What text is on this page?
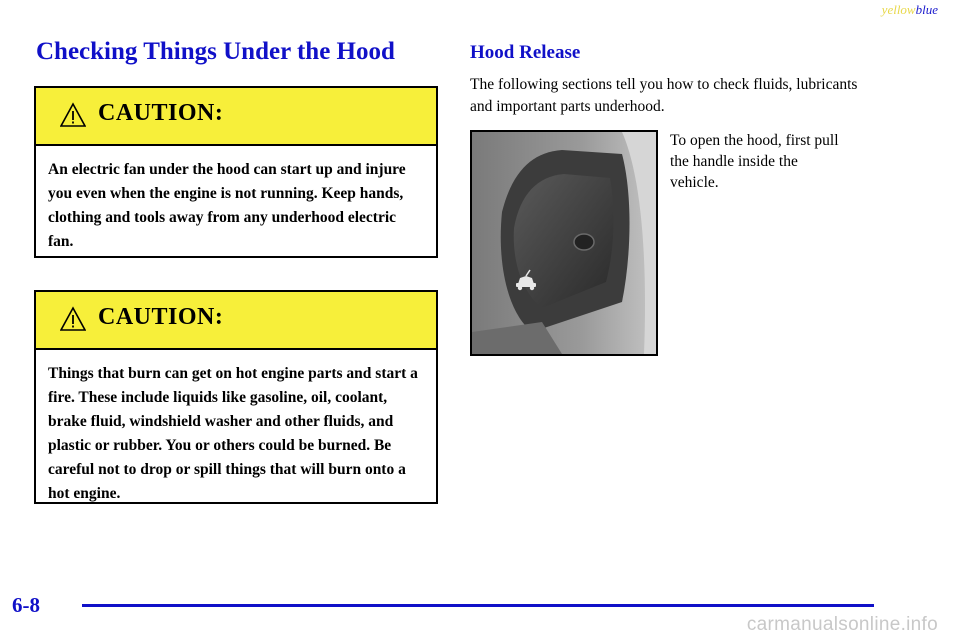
yellowblue
Checking Things Under the Hood
CAUTION:

An electric fan under the hood can start up and injure you even when the engine is not running. Keep hands, clothing and tools away from any underhood electric fan.

CAUTION:

Things that burn can get on hot engine parts and start a fire. These include liquids like gasoline, oil, coolant, brake fluid, windshield washer and other fluids, and plastic or rubber. You or others could be burned. Be careful not to drop or spill things that will burn onto a hot engine.

Hood Release

The following sections tell you how to check fluids, lubricants and important parts underhood.

To open the hood, first pull the handle inside the vehicle.

6-8
carmanualsonline.info
